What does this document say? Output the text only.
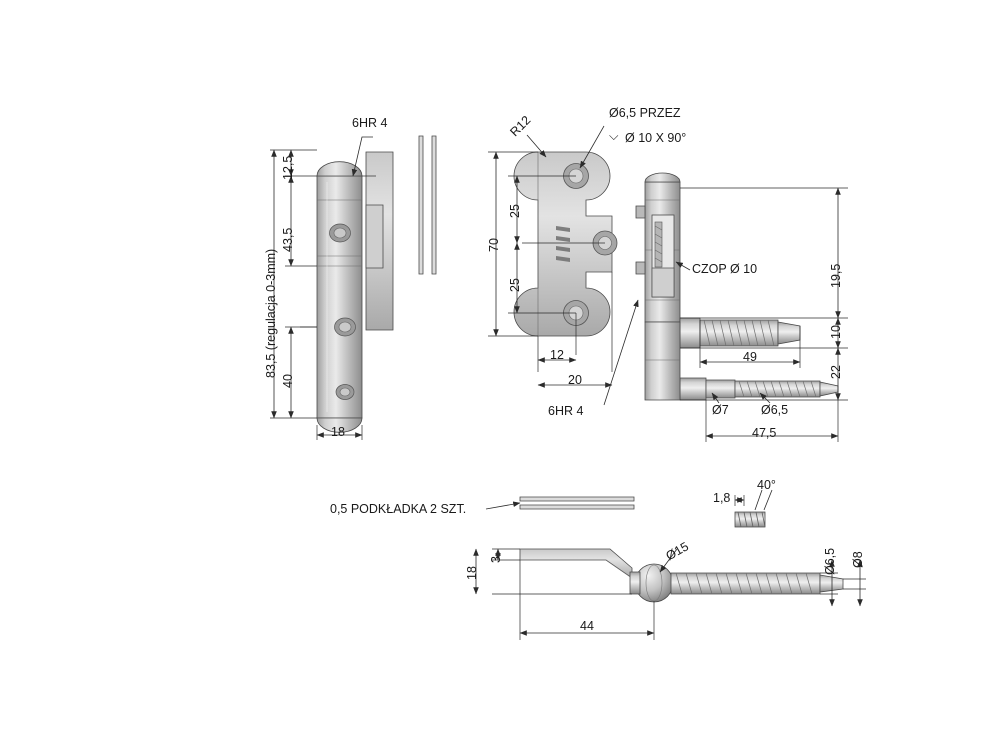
6HR 4
12,5
43,5
40
83,5 (regulacja 0-3mm)
18
R12
Ø6,5 PRZEZ
Ø 10 X 90°
⌵
70
25
25
CZOP Ø 10	19,5
10
22
49
12
20
6HR 4	Ø7	Ø6,5
47,5
0,5 PODKŁADKA 2 SZT.
40°
1,8
18
3	Ø15
44
Ø6,5 Ø8
